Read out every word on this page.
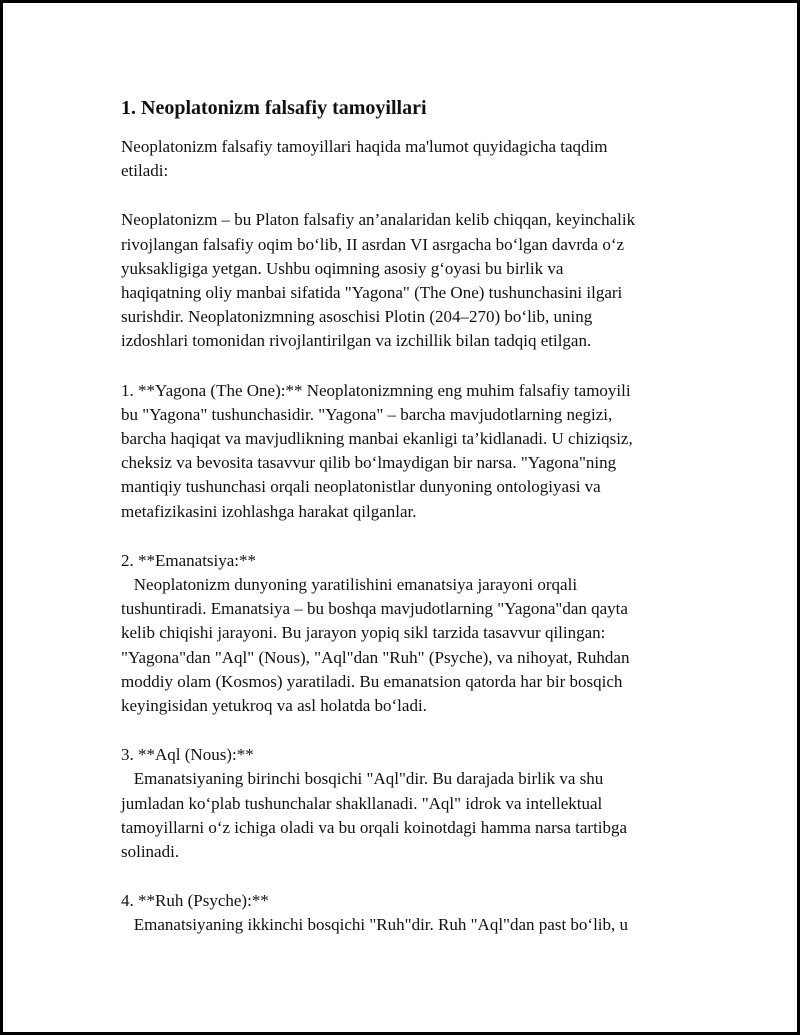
1. Neoplatonizm falsafiy tamoyillari

Neoplatonizm falsafiy tamoyillari haqida ma'lumot quyidagicha taqdim
etiladi:

Neoplatonizm – bu Platon falsafiy an’analaridan kelib chiqqan, keyinchalik
rivojlangan falsafiy oqim bo‘lib, II asrdan VI asrgacha bo‘lgan davrda o‘z
yuksakligiga yetgan. Ushbu oqimning asosiy g‘oyasi bu birlik va
haqiqatning oliy manbai sifatida "Yagona" (The One) tushunchasini ilgari
surishdir. Neoplatonizmning asoschisi Plotin (204–270) bo‘lib, uning
izdoshlari tomonidan rivojlantirilgan va izchillik bilan tadqiq etilgan.

1. **Yagona (The One):** Neoplatonizmning eng muhim falsafiy tamoyili
bu "Yagona" tushunchasidir. "Yagona" – barcha mavjudotlarning negizi,
barcha haqiqat va mavjudlikning manbai ekanligi ta’kidlanadi. U chiziqsiz,
cheksiz va bevosita tasavvur qilib bo‘lmaydigan bir narsa. "Yagona"ning
mantiqiy tushunchasi orqali neoplatonistlar dunyoning ontologiyasi va
metafizikasini izohlashga harakat qilganlar.

2. **Emanatsiya:**
Neoplatonizm dunyoning yaratilishini emanatsiya jarayoni orqali
tushuntiradi. Emanatsiya – bu boshqa mavjudotlarning "Yagona"dan qayta
kelib chiqishi jarayoni. Bu jarayon yopiq sikl tarzida tasavvur qilingan:
"Yagona"dan "Aql" (Nous), "Aql"dan "Ruh" (Psyche), va nihoyat, Ruhdan
moddiy olam (Kosmos) yaratiladi. Bu emanatsion qatorda har bir bosqich
keyingisidan yetukroq va asl holatda bo‘ladi.

3. **Aql (Nous):**
Emanatsiyaning birinchi bosqichi "Aql"dir. Bu darajada birlik va shu
jumladan ko‘plab tushunchalar shakllanadi. "Aql" idrok va intellektual
tamoyillarni o‘z ichiga oladi va bu orqali koinotdagi hamma narsa tartibga
solinadi.

4. **Ruh (Psyche):**
Emanatsiyaning ikkinchi bosqichi "Ruh"dir. Ruh "Aql"dan past bo‘lib, u
